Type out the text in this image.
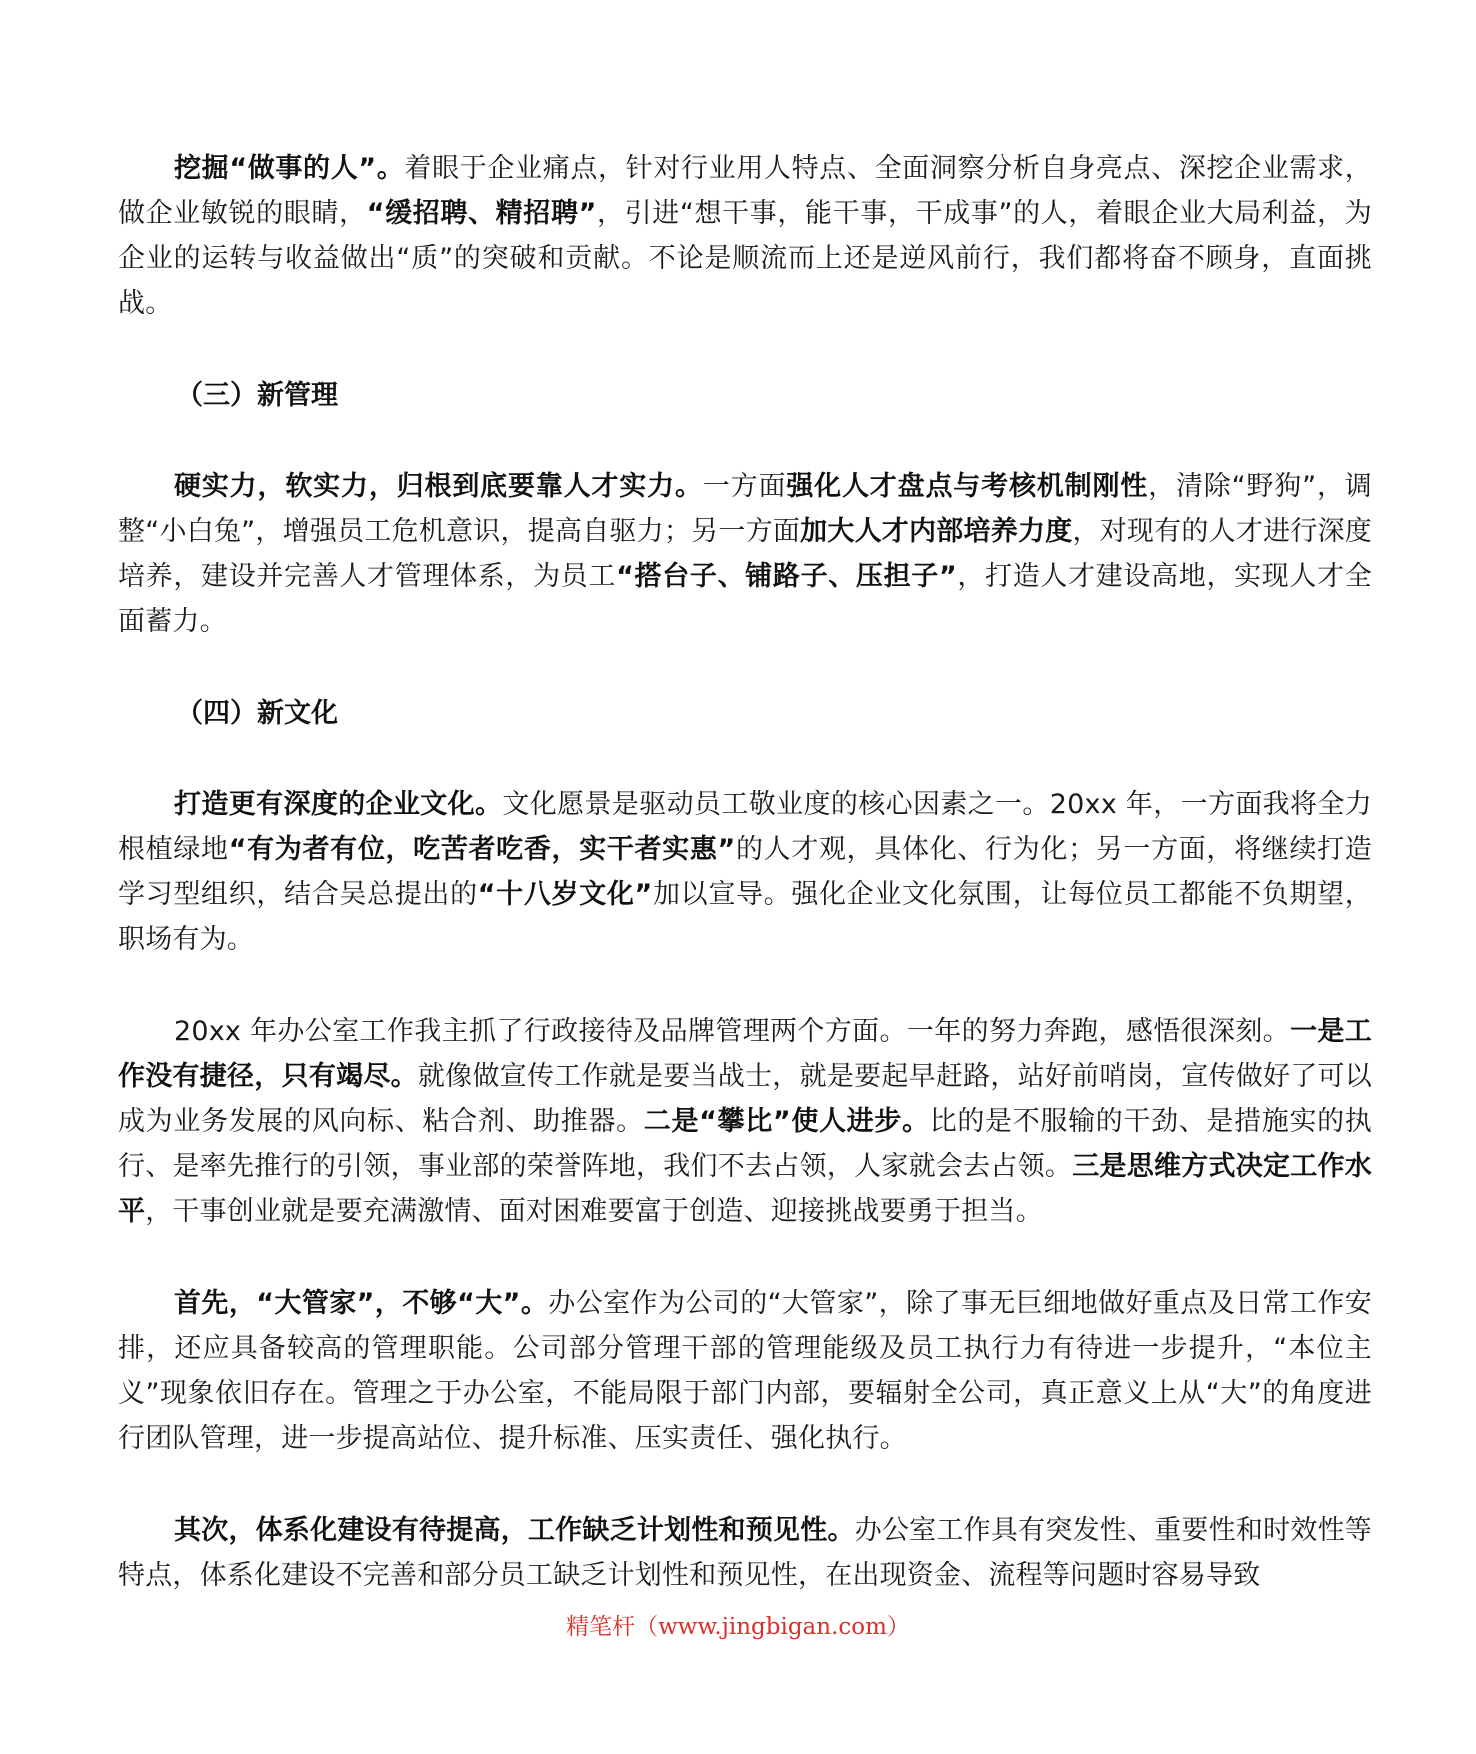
挖掘“做事的人”。着眼于企业痛点，针对行业用人特点、全面洞察分析自身亮点、深挖企业需求，做企业敏锐的眼睛，“缓招聘、精招聘”，引进“想干事，能干事，干成事”的人，着眼企业大局利益，为企业的运转与收益做出“质”的突破和贡献。不论是顺流而上还是逆风前行，我们都将奋不顾身，直面挑战。
（三）新管理
硬实力，软实力，归根到底要靠人才实力。一方面强化人才盘点与考核机制刚性，清除“野狗”，调整“小白兔”，增强员工危机意识，提高自驱力；另一方面加大人才内部培养力度，对现有的人才进行深度培养，建设并完善人才管理体系，为员工“搭台子、铺路子、压担子”，打造人才建设高地，实现人才全面蓄力。
（四）新文化
打造更有深度的企业文化。文化愿景是驱动员工敬业度的核心因素之一。20xx 年，一方面我将全力根植绿地“有为者有位，吃苦者吃香，实干者实惠”的人才观，具体化、行为化；另一方面，将继续打造学习型组织，结合吴总提出的“十八岁文化”加以宣导。强化企业文化氛围，让每位员工都能不负期望，职场有为。
20xx 年办公室工作我主抓了行政接待及品牌管理两个方面。一年的努力奔跑，感悟很深刻。一是工作没有捷径，只有竭尽。就像做宣传工作就是要当战士，就是要起早赶路，站好前哨岗，宣传做好了可以成为业务发展的风向标、粘合剂、助推器。二是“攀比”使人进步。比的是不服输的干劲、是措施实的执行、是率先推行的引领，事业部的荣誉阵地，我们不去占领，人家就会去占领。三是思维方式决定工作水平，干事创业就是要充满激情、面对困难要富于创造、迎接挑战要勇于担当。
首先，“大管家”，不够“大”。办公室作为公司的“大管家”，除了事无巨细地做好重点及日常工作安排，还应具备较高的管理职能。公司部分管理干部的管理能级及员工执行力有待进一步提升，“本位主义”现象依旧存在。管理之于办公室，不能局限于部门内部，要辐射全公司，真正意义上从“大”的角度进行团队管理，进一步提高站位、提升标准、压实责任、强化执行。
其次，体系化建设有待提高，工作缺乏计划性和预见性。办公室工作具有突发性、重要性和时效性等特点，体系化建设不完善和部分员工缺乏计划性和预见性，在出现资金、流程等问题时容易导致
精笔杆（www.jingbigan.com）
